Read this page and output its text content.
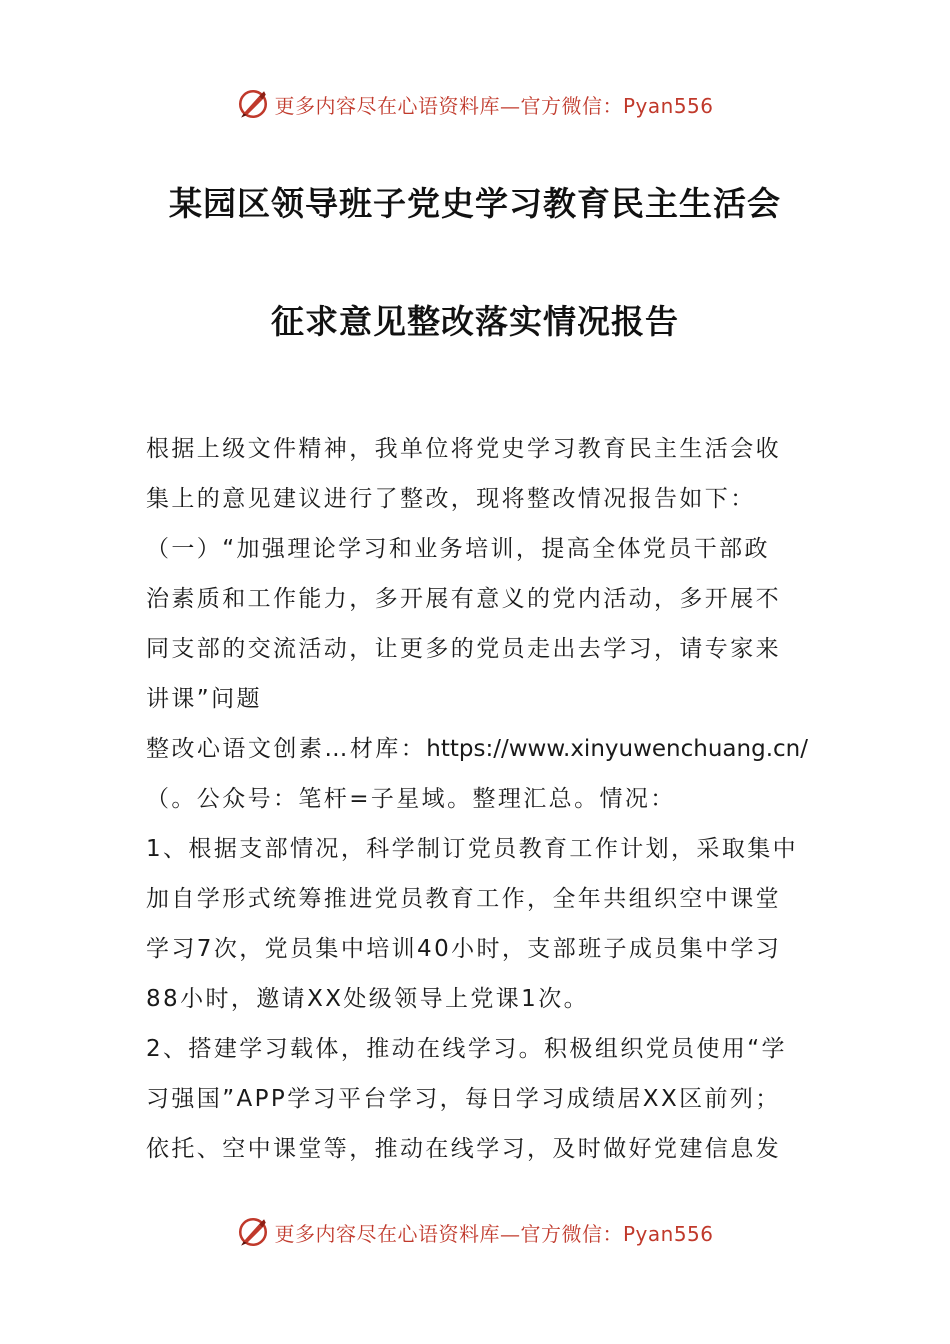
更多内容尽在心语资料库—官方微信：Pyan556
某园区领导班子党史学习教育民主生活会
征求意见整改落实情况报告
根据上级文件精神，我单位将党史学习教育民主生活会收
集上的意见建议进行了整改，现将整改情况报告如下：
（一）“加强理论学习和业务培训，提高全体党员干部政
治素质和工作能力，多开展有意义的党内活动，多开展不
同支部的交流活动，让更多的党员走出去学习，请专家来
讲课”问题
整改心语文创素…材库：https://www.xinyuwenchuang.cn/
（。公众号：笔杆=子星域。整理汇总。情况：
1、根据支部情况，科学制订党员教育工作计划，采取集中
加自学形式统筹推进党员教育工作，全年共组织空中课堂
学习7次，党员集中培训40小时，支部班子成员集中学习
88小时，邀请XX处级领导上党课1次。
2、搭建学习载体，推动在线学习。积极组织党员使用“学
习强国”APP学习平台学习，每日学习成绩居XX区前列；
依托、空中课堂等，推动在线学习，及时做好党建信息发
更多内容尽在心语资料库—官方微信：Pyan556
